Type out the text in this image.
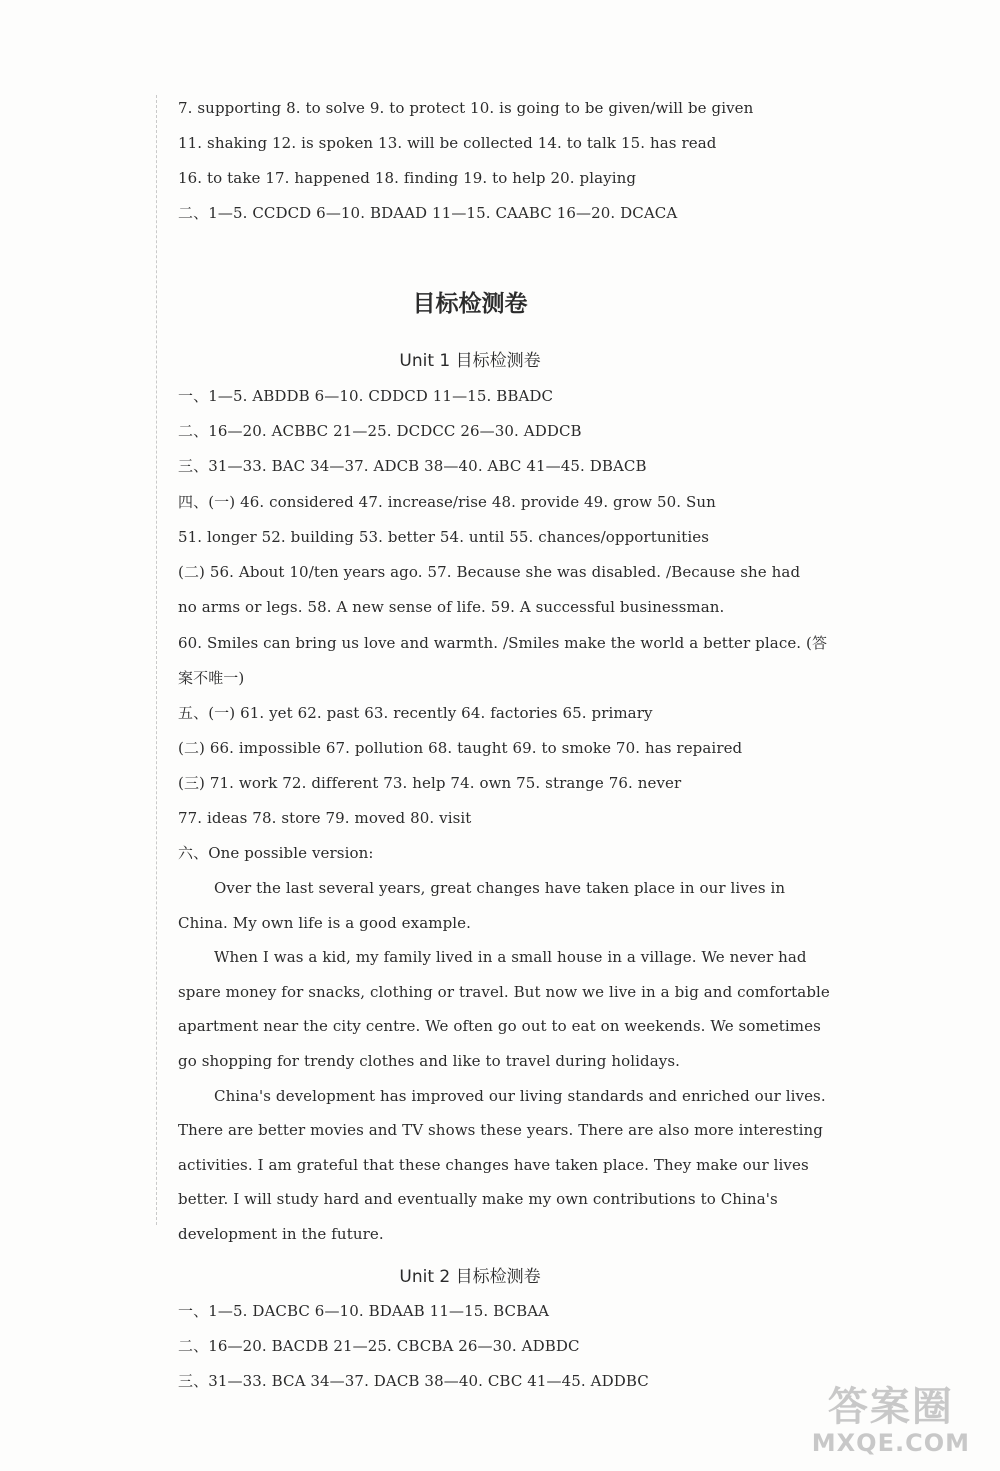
7. supporting 8. to solve 9. to protect 10. is going to be given/will be given
11. shaking 12. is spoken 13. will be collected 14. to talk 15. has read
16. to take 17. happened 18. finding 19. to help 20. playing
二、1—5. CCDCD 6—10. BDAAD 11—15. CAABC 16—20. DCACA
目标检测卷
Unit 1 目标检测卷
一、1—5. ABDDB 6—10. CDDCD 11—15. BBADC
二、16—20. ACBBC 21—25. DCDCC 26—30. ADDCB
三、31—33. BAC 34—37. ADCB 38—40. ABC 41—45. DBACB
四、(一) 46. considered 47. increase/rise 48. provide 49. grow 50. Sun
51. longer 52. building 53. better 54. until 55. chances/opportunities
(二) 56. About 10/ten years ago. 57. Because she was disabled. /Because she had
no arms or legs. 58. A new sense of life. 59. A successful businessman.
60. Smiles can bring us love and warmth. /Smiles make the world a better place. (答
案不唯一)
五、(一) 61. yet 62. past 63. recently 64. factories 65. primary
(二) 66. impossible 67. pollution 68. taught 69. to smoke 70. has repaired
(三) 71. work 72. different 73. help 74. own 75. strange 76. never
77. ideas 78. store 79. moved 80. visit
六、One possible version:
Over the last several years, great changes have taken place in our lives in
China. My own life is a good example.
When I was a kid, my family lived in a small house in a village. We never had
spare money for snacks, clothing or travel. But now we live in a big and comfortable
apartment near the city centre. We often go out to eat on weekends. We sometimes
go shopping for trendy clothes and like to travel during holidays.
China's development has improved our living standards and enriched our lives.
There are better movies and TV shows these years. There are also more interesting
activities. I am grateful that these changes have taken place. They make our lives
better. I will study hard and eventually make my own contributions to China's
development in the future.
Unit 2 目标检测卷
一、1—5. DACBC 6—10. BDAAB 11—15. BCBAA
二、16—20. BACDB 21—25. CBCBA 26—30. ADBDC
三、31—33. BCA 34—37. DACB 38—40. CBC 41—45. ADDBC
答案圈
MXQE.COM
